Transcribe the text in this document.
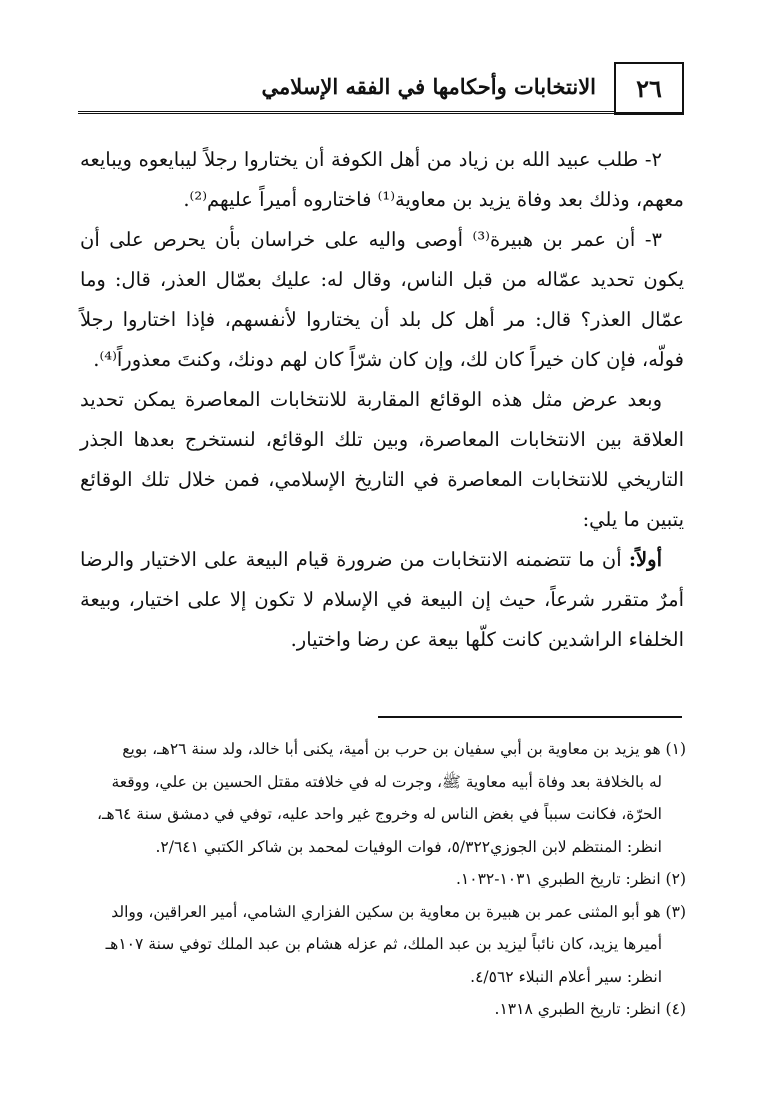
الانتخابات وأحكامها في الفقه الإسلامي	٢٦

٢- طلب عبيد الله بن زياد من أهل الكوفة أن يختاروا رجلاً ليبايعوه ويبايعه معهم، وذلك بعد وفاة يزيد بن معاوية⁽¹⁾ فاختاروه أميراً عليهم⁽²⁾.

٣- أن عمر بن هبيرة⁽³⁾ أوصى واليه على خراسان بأن يحرص على أن يكون تحديد عمّاله من قبل الناس، وقال له: عليك بعمّال العذر، قال: وما عمّال العذر؟ قال: مر أهل كل بلد أن يختاروا لأنفسهم، فإذا اختاروا رجلاً فولّه، فإن كان خيراً كان لك، وإن كان شرّاً كان لهم دونك، وكنتَ معذوراً⁽⁴⁾.

وبعد عرض مثل هذه الوقائع المقاربة للانتخابات المعاصرة يمكن تحديد العلاقة بين الانتخابات المعاصرة، وبين تلك الوقائع، لنستخرج بعدها الجذر التاريخي للانتخابات المعاصرة في التاريخ الإسلامي، فمن خلال تلك الوقائع يتبين ما يلي:

أولاً: أن ما تتضمنه الانتخابات من ضرورة قيام البيعة على الاختيار والرضا أمرٌ متقرر شرعاً، حيث إن البيعة في الإسلام لا تكون إلا على اختيار، وبيعة الخلفاء الراشدين كانت كلّها بيعة عن رضا واختيار.

(١) هو يزيد بن معاوية بن أبي سفيان بن حرب بن أمية، يكنى أبا خالد، ولد سنة ٢٦هـ، بويع

له بالخلافة بعد وفاة أبيه معاوية ﷺ، وجرت له في خلافته مقتل الحسين بن علي، ووقعة

الحرّة، فكانت سبباً في بغض الناس له وخروج غير واحد عليه، توفي في دمشق سنة ٦٤هـ،

انظر: المنتظم لابن الجوزي٥/٣٢٢، فوات الوفيات لمحمد بن شاكر الكتبي ٢/٦٤١.

(٢) انظر: تاريخ الطبري ١٠٣١-١٠٣٢.

(٣) هو أبو المثنى عمر بن هبيرة بن معاوية بن سكين الفزاري الشامي، أمير العراقين، ووالد

أميرها يزيد، كان نائباً ليزيد بن عبد الملك، ثم عزله هشام بن عبد الملك توفي سنة ١٠٧هـ

انظر: سير أعلام النبلاء ٤/٥٦٢.

(٤) انظر: تاريخ الطبري ١٣١٨.
